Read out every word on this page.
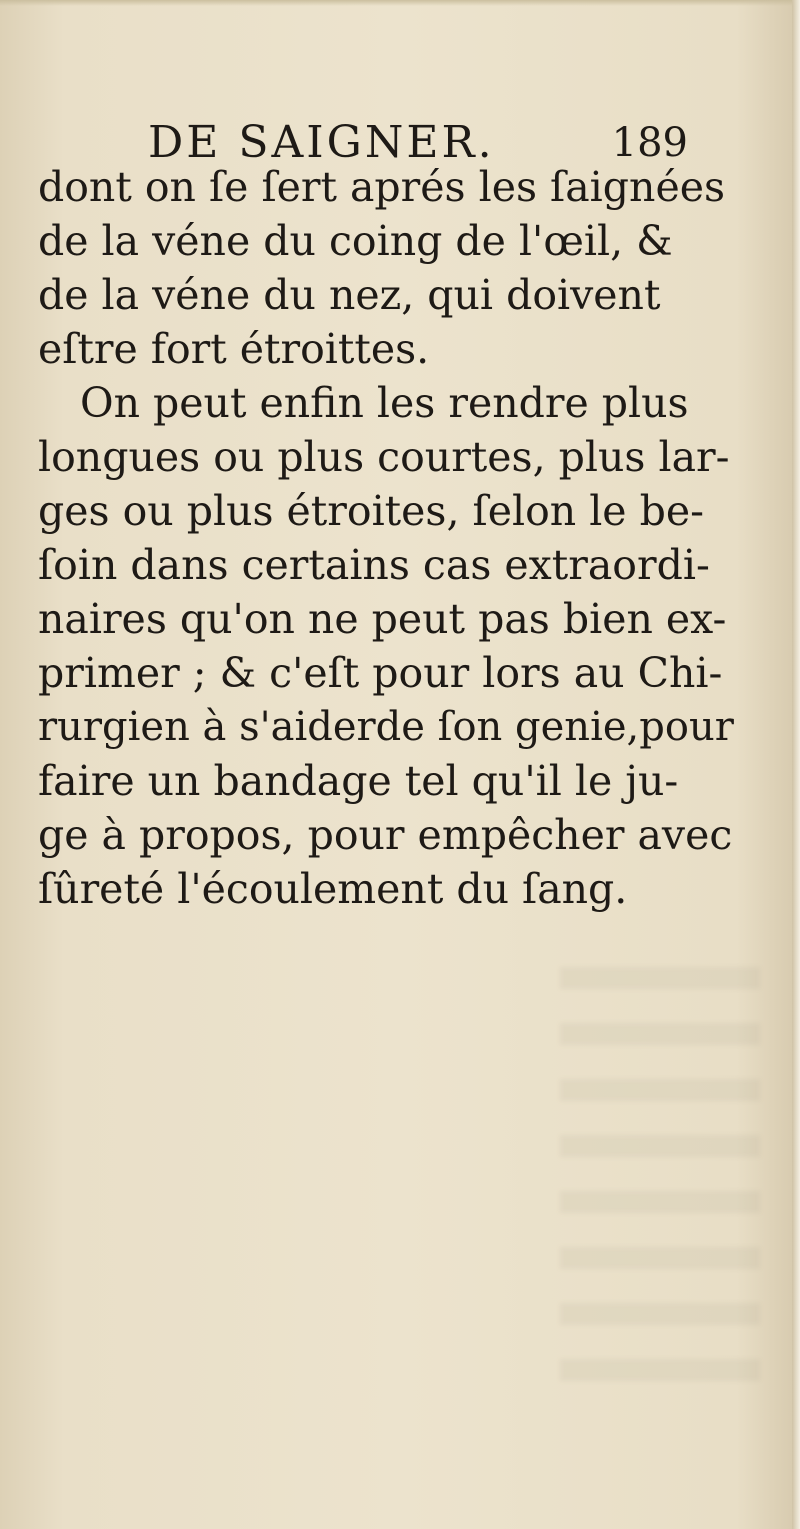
DE SAIGNER.	189
dont on ſe ſert aprés les ſaignées
de la véne du coing de l'œil, &
de la véne du nez, qui doivent
eſtre fort étroittes.
On peut enfin les rendre plus
longues ou plus courtes, plus lar-
ges ou plus étroites, ſelon le be-
ſoin dans certains cas extraordi-
naires qu'on ne peut pas bien ex-
primer ; & c'eſt pour lors au Chi-
rurgien à s'aiderde ſon genie,pour
faire un bandage tel qu'il le ju-
ge à propos, pour empêcher avec
ſûreté l'écoulement du ſang.
